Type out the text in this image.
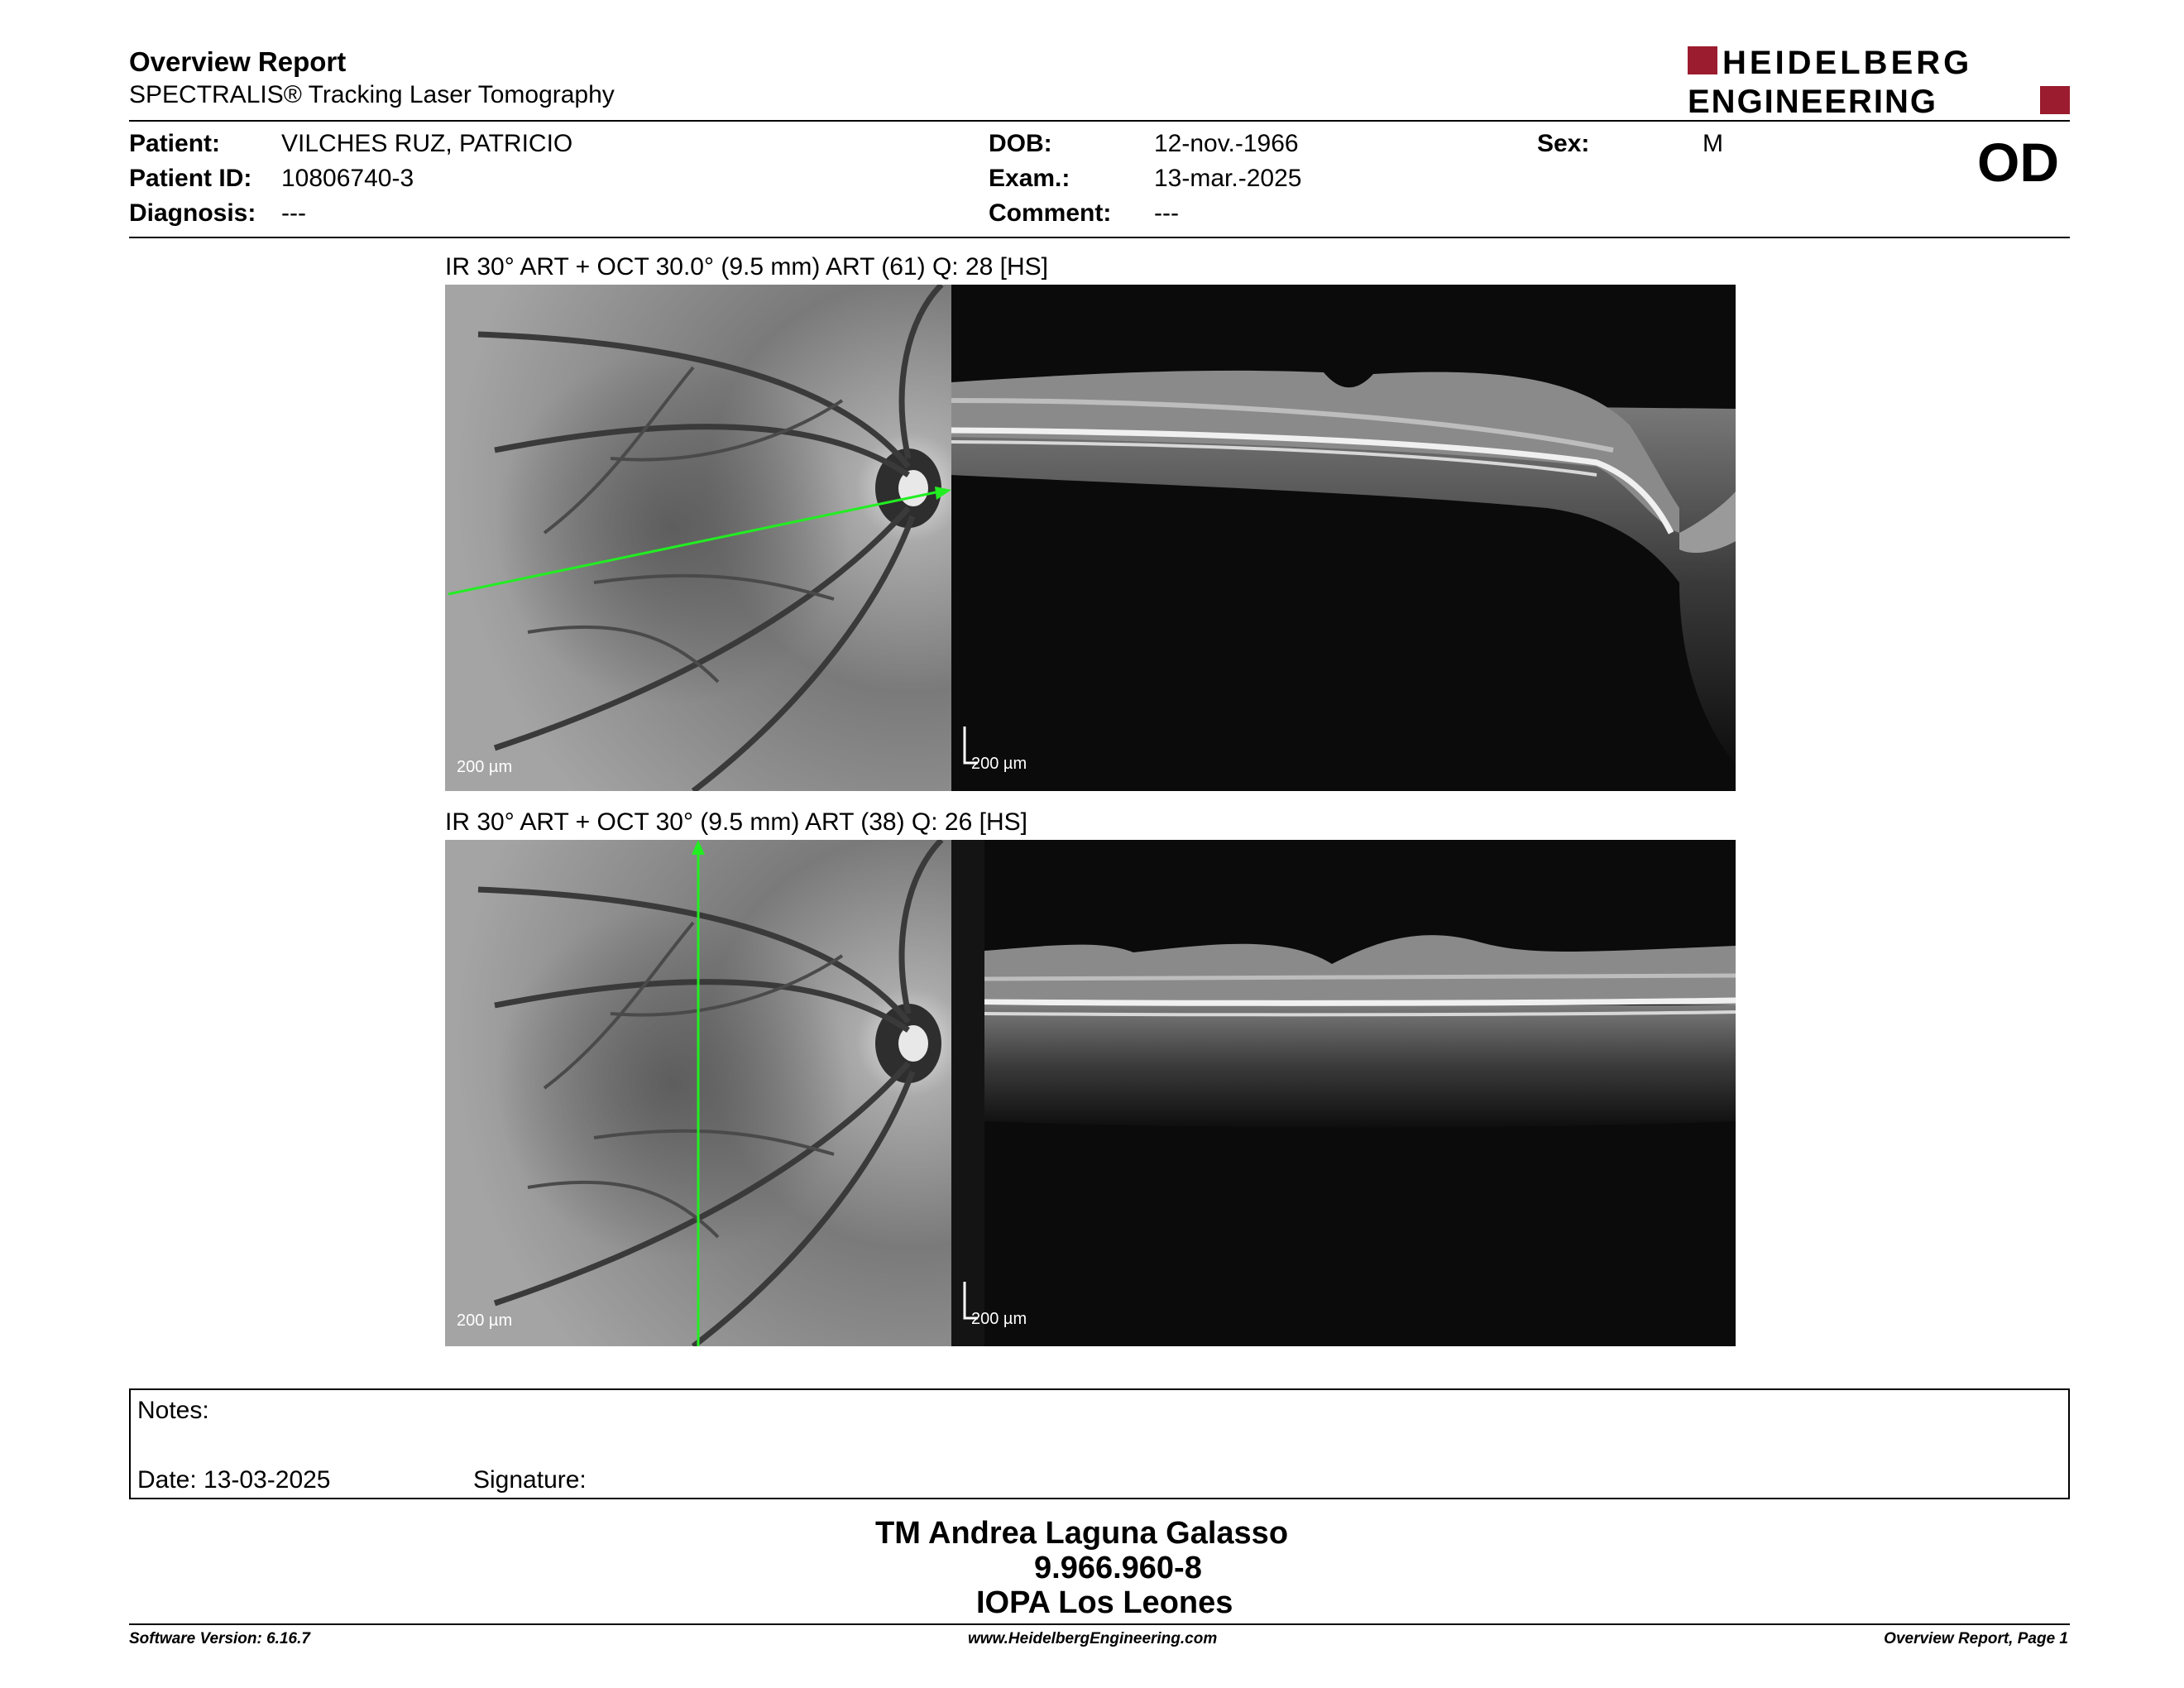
Overview Report
SPECTRALIS® Tracking Laser Tomography
HEIDELBERG
ENGINEERING
Patient: VILCHES RUZ, PATRICIO
Patient ID: 10806740-3
Diagnosis: ---
DOB:	12-nov.-1966
Exam.:	13-mar.-2025
Comment: ---
Sex:	M	OD
IR 30° ART + OCT 30.0° (9.5 mm) ART (61) Q: 28 [HS]
200 µm	200 µm
IR 30° ART + OCT 30° (9.5 mm) ART (38) Q: 26 [HS]
200 µm	200 µm
Notes:
Date: 13-03-2025	Signature:
TM Andrea Laguna Galasso
9.966.960-8
IOPA Los Leones
Software Version: 6.16.7	www.HeidelbergEngineering.com	Overview Report, Page 1
